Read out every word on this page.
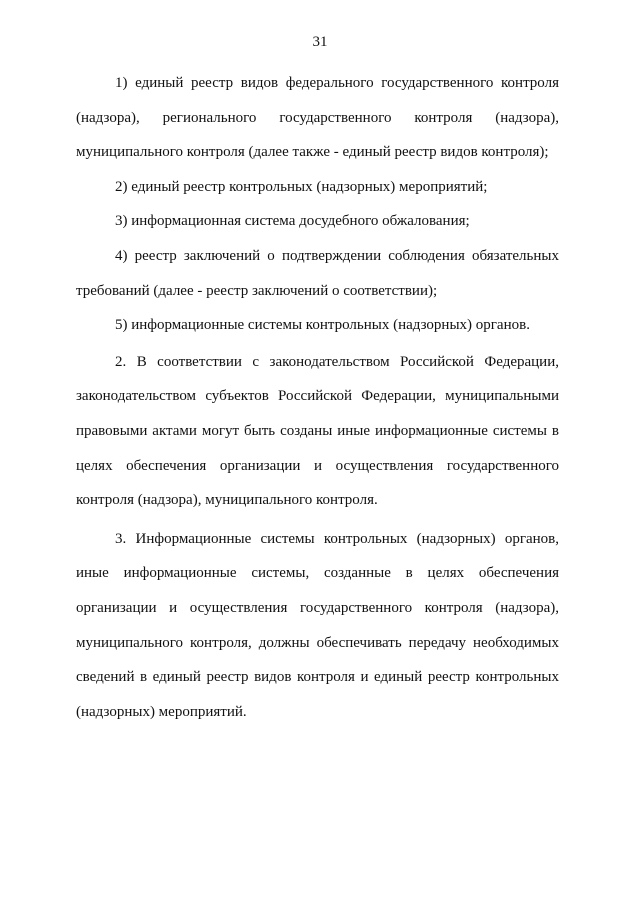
31

1) единый реестр видов федерального государственного контроля (надзора), регионального государственного контроля (надзора), муниципального контроля (далее также - единый реестр видов контроля);

2) единый реестр контрольных (надзорных) мероприятий;

3) информационная система досудебного обжалования;

4) реестр заключений о подтверждении соблюдения обязательных требований (далее - реестр заключений о соответствии);

5) информационные системы контрольных (надзорных) органов.

2. В соответствии с законодательством Российской Федерации, законодательством субъектов Российской Федерации, муниципальными правовыми актами могут быть созданы иные информационные системы в целях обеспечения организации и осуществления государственного контроля (надзора), муниципального контроля.

3. Информационные системы контрольных (надзорных) органов, иные информационные системы, созданные в целях обеспечения организации и осуществления государственного контроля (надзора), муниципального контроля, должны обеспечивать передачу необходимых сведений в единый реестр видов контроля и единый реестр контрольных (надзорных) мероприятий.
